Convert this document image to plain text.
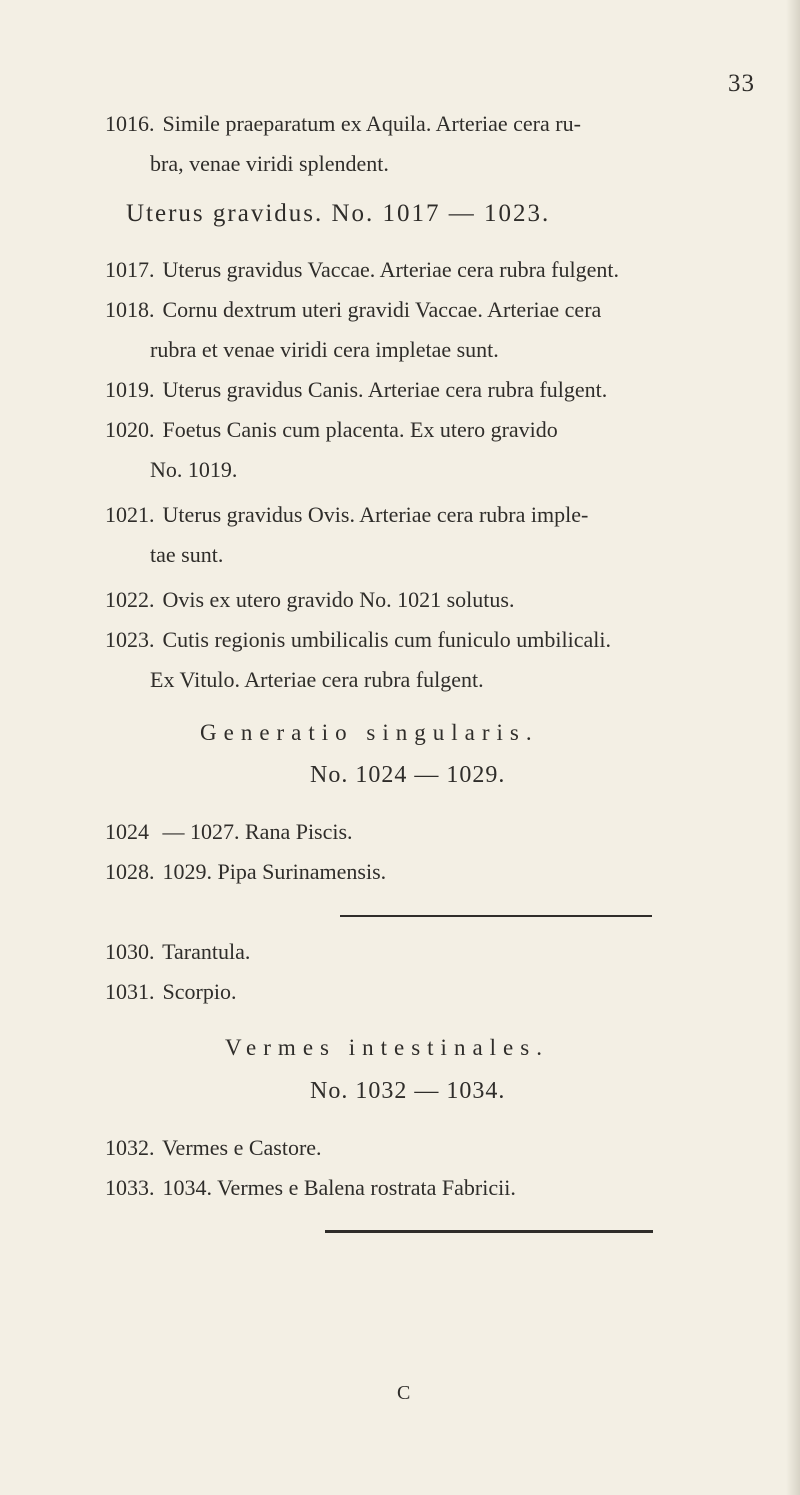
33
1016. Simile praeparatum ex Aquila. Arteriae cera ru-
bra, venae viridi splendent.
Uterus gravidus. No. 1017 — 1023.
1017. Uterus gravidus Vaccae. Arteriae cera rubra fulgent.
1018. Cornu dextrum uteri gravidi Vaccae. Arteriae cera
rubra et venae viridi cera impletae sunt.
1019. Uterus gravidus Canis. Arteriae cera rubra fulgent.
1020. Foetus Canis cum placenta. Ex utero gravido
No. 1019.
1021. Uterus gravidus Ovis. Arteriae cera rubra imple-
tae sunt.
1022. Ovis ex utero gravido No. 1021 solutus.
1023. Cutis regionis umbilicalis cum funiculo umbilicali.
Ex Vitulo. Arteriae cera rubra fulgent.
Generatio singularis.
No. 1024 — 1029.
1024 — 1027. Rana Piscis.
1028. 1029. Pipa Surinamensis.
1030. Tarantula.
1031. Scorpio.
Vermes intestinales.
No. 1032 — 1034.
1032. Vermes e Castore.
1033. 1034. Vermes e Balena rostrata Fabricii.
C
